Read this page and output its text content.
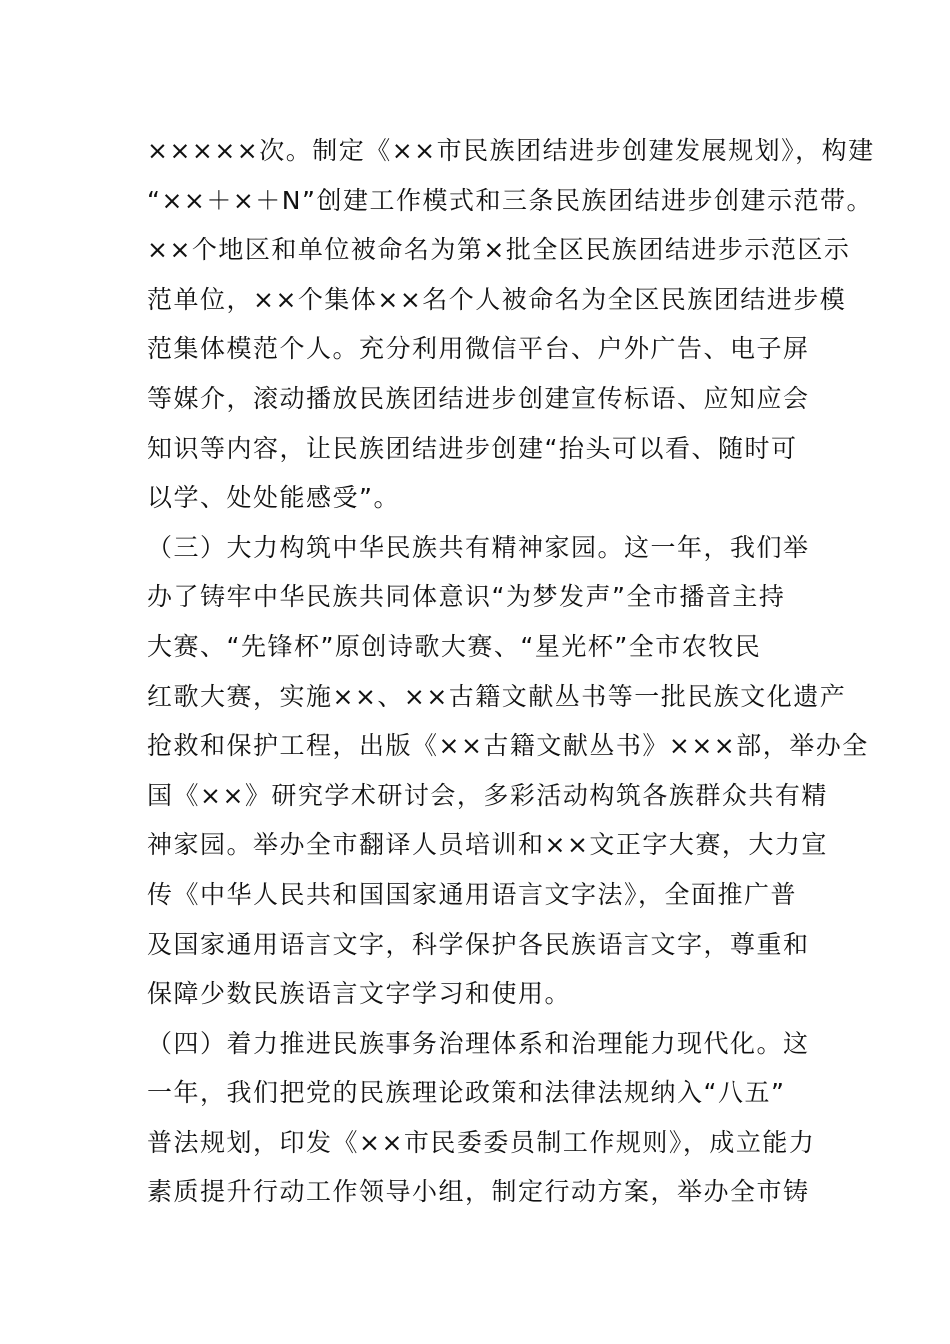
×××××次。制定《××市民族团结进步创建发展规划》，构建
“××＋×＋N”创建工作模式和三条民族团结进步创建示范带。
××个地区和单位被命名为第×批全区民族团结进步示范区示
范单位，××个集体××名个人被命名为全区民族团结进步模
范集体模范个人。充分利用微信平台、户外广告、电子屏
等媒介，滚动播放民族团结进步创建宣传标语、应知应会
知识等内容，让民族团结进步创建“抬头可以看、随时可
以学、处处能感受”。
（三）大力构筑中华民族共有精神家园。这一年，我们举
办了铸牢中华民族共同体意识“为梦发声”全市播音主持
大赛、“先锋杯”原创诗歌大赛、“星光杯”全市农牧民
红歌大赛，实施××、××古籍文献丛书等一批民族文化遗产
抢救和保护工程，出版《××古籍文献丛书》×××部，举办全
国《××》研究学术研讨会，多彩活动构筑各族群众共有精
神家园。举办全市翻译人员培训和××文正字大赛，大力宣
传《中华人民共和国国家通用语言文字法》，全面推广普
及国家通用语言文字，科学保护各民族语言文字，尊重和
保障少数民族语言文字学习和使用。
（四）着力推进民族事务治理体系和治理能力现代化。这
一年，我们把党的民族理论政策和法律法规纳入“八五”
普法规划，印发《××市民委委员制工作规则》，成立能力
素质提升行动工作领导小组，制定行动方案，举办全市铸
